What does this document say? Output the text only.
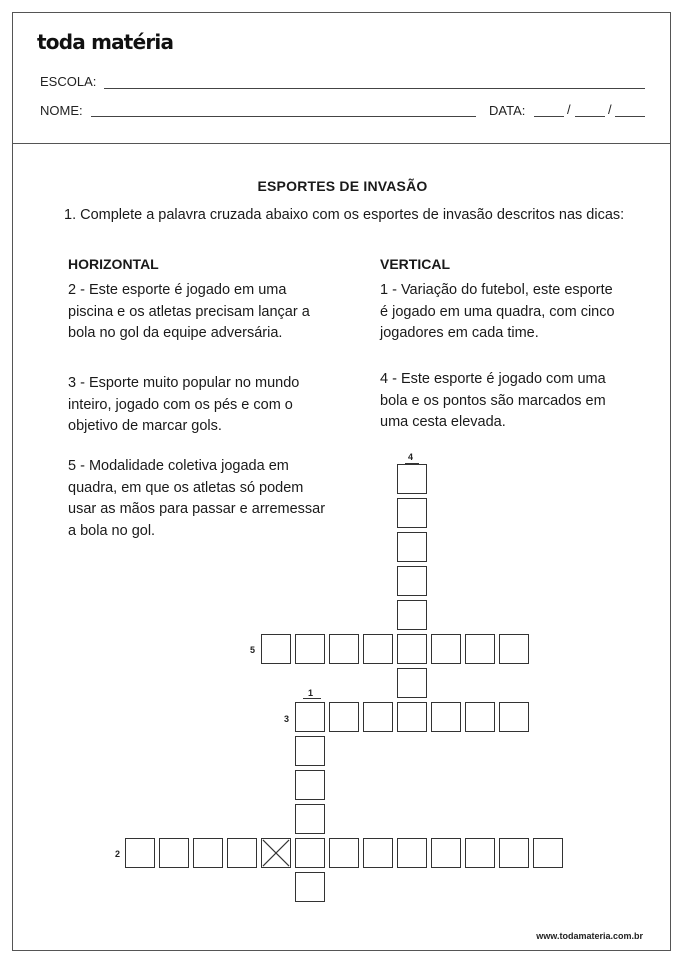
toda matéria
ESCOLA:
NOME:	DATA:	/	/
ESPORTES DE INVASÃO
1. Complete a palavra cruzada abaixo com os esportes de invasão descritos nas dicas:
HORIZONTAL	VERTICAL
2 - Este esporte é jogado em uma piscina e os atletas precisam lançar a bola no gol da equipe adversária.
3 - Esporte muito popular no mundo inteiro, jogado com os pés e com o objetivo de marcar gols.
5 - Modalidade coletiva jogada em quadra, em que os atletas só podem usar as mãos para passar e arremessar a bola no gol.
1 - Variação do futebol, este esporte é jogado em uma quadra, com cinco jogadores em cada time.
4 - Este esporte é jogado com uma bola e os pontos são marcados em uma cesta elevada.
4
5
1
3
2
www.todamateria.com.br
